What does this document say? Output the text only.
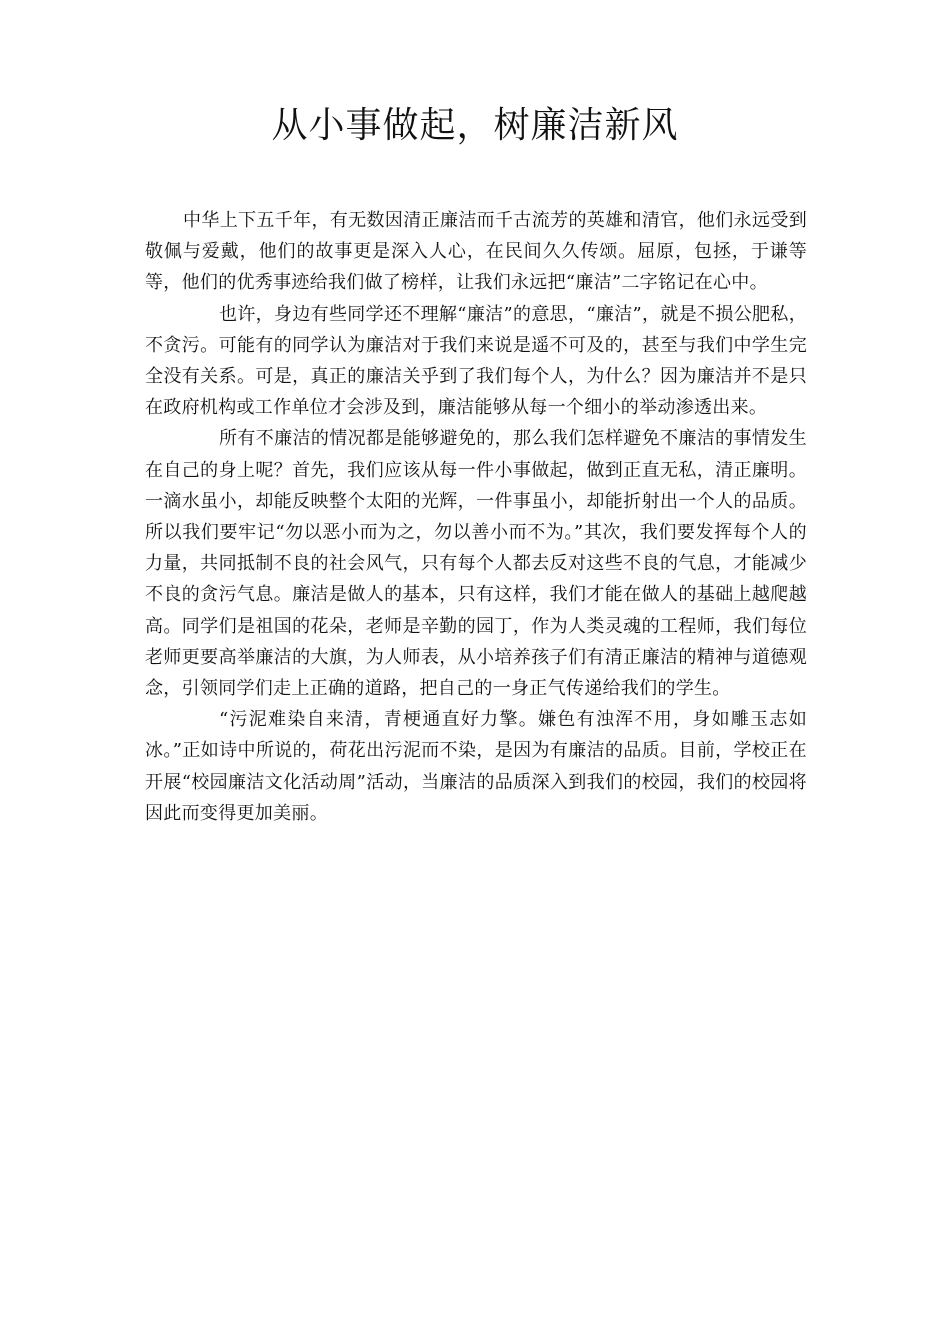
从小事做起，树廉洁新风

中华上下五千年，有无数因清正廉洁而千古流芳的英雄和清官，他们永远受到敬佩与爱戴，他们的故事更是深入人心，在民间久久传颂。屈原，包拯，于谦等等，他们的优秀事迹给我们做了榜样，让我们永远把“廉洁”二字铭记在心中。

也许，身边有些同学还不理解“廉洁”的意思，“廉洁”，就是不损公肥私，不贪污。可能有的同学认为廉洁对于我们来说是遥不可及的，甚至与我们中学生完全没有关系。可是，真正的廉洁关乎到了我们每个人，为什么？因为廉洁并不是只在政府机构或工作单位才会涉及到，廉洁能够从每一个细小的举动渗透出来。

所有不廉洁的情况都是能够避免的，那么我们怎样避免不廉洁的事情发生在自己的身上呢？首先，我们应该从每一件小事做起，做到正直无私，清正廉明。一滴水虽小，却能反映整个太阳的光辉，一件事虽小，却能折射出一个人的品质。所以我们要牢记“勿以恶小而为之，勿以善小而不为。”其次，我们要发挥每个人的力量，共同抵制不良的社会风气，只有每个人都去反对这些不良的气息，才能减少不良的贪污气息。廉洁是做人的基本，只有这样，我们才能在做人的基础上越爬越高。同学们是祖国的花朵，老师是辛勤的园丁，作为人类灵魂的工程师，我们每位老师更要高举廉洁的大旗，为人师表，从小培养孩子们有清正廉洁的精神与道德观念，引领同学们走上正确的道路，把自己的一身正气传递给我们的学生。

“污泥难染自来清，青梗通直好力擎。嫌色有浊浑不用，身如雕玉志如冰。”正如诗中所说的，荷花出污泥而不染，是因为有廉洁的品质。目前，学校正在开展“校园廉洁文化活动周”活动，当廉洁的品质深入到我们的校园，我们的校园将因此而变得更加美丽。
